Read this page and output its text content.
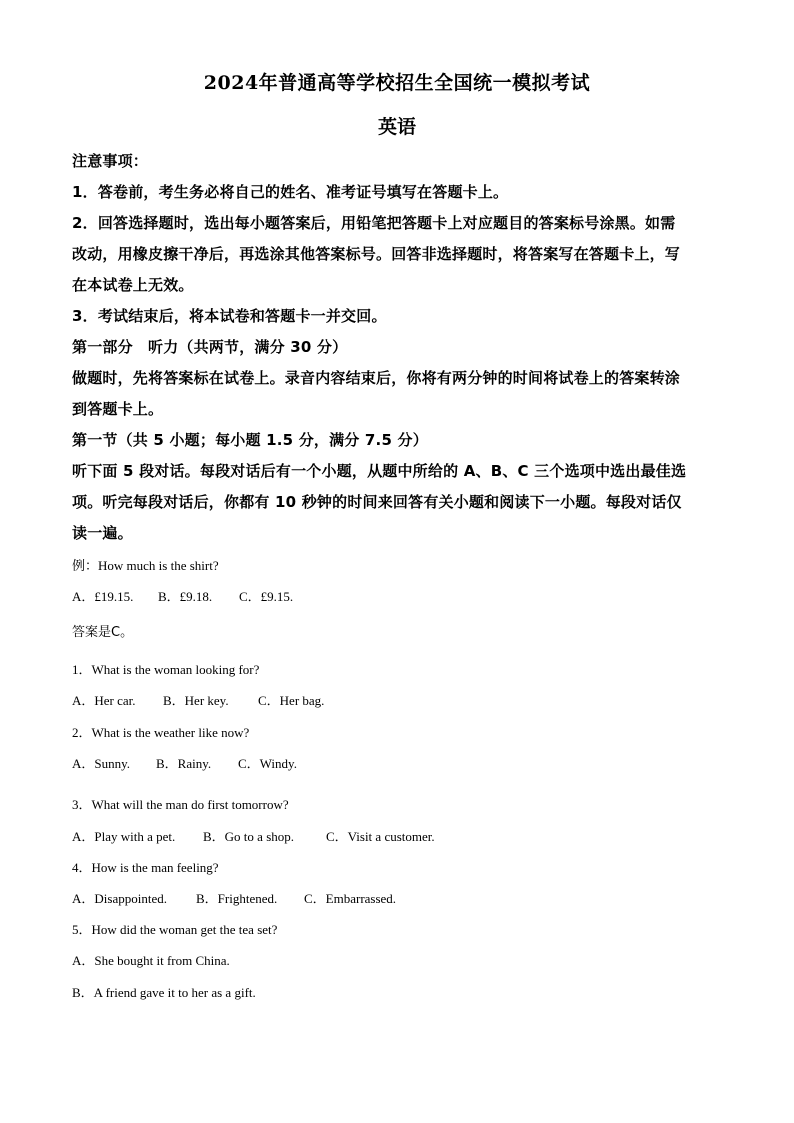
2024年普通高等学校招生全国统一模拟考试
英语
注意事项：
1．答卷前，考生务必将自己的姓名、准考证号填写在答题卡上。
2．回答选择题时，选出每小题答案后，用铅笔把答题卡上对应题目的答案标号涂黑。如需
改动，用橡皮擦干净后，再选涂其他答案标号。回答非选择题时，将答案写在答题卡上，写
在本试卷上无效。
3．考试结束后，将本试卷和答题卡一并交回。
第一部分　听力（共两节，满分 30 分）
做题时，先将答案标在试卷上。录音内容结束后，你将有两分钟的时间将试卷上的答案转涂
到答题卡上。
第一节（共 5 小题；每小题 1.5 分，满分 7.5 分）
听下面 5 段对话。每段对话后有一个小题，从题中所给的 A、B、C 三个选项中选出最佳选
项。听完每段对话后，你都有 10 秒钟的时间来回答有关小题和阅读下一小题。每段对话仅
读一遍。
例：How much is the shirt?
A．£19.15. B．£9.18. C．£9.15.
答案是C。
1．What is the woman looking for?
A．Her car. B．Her key. C．Her bag.
2．What is the weather like now?
A．Sunny. B．Rainy. C．Windy.
3．What will the man do first tomorrow?
A．Play with a pet. B．Go to a shop. C．Visit a customer.
4．How is the man feeling?
A．Disappointed. B．Frightened. C．Embarrassed.
5．How did the woman get the tea set?
A．She bought it from China.
B．A friend gave it to her as a gift.
